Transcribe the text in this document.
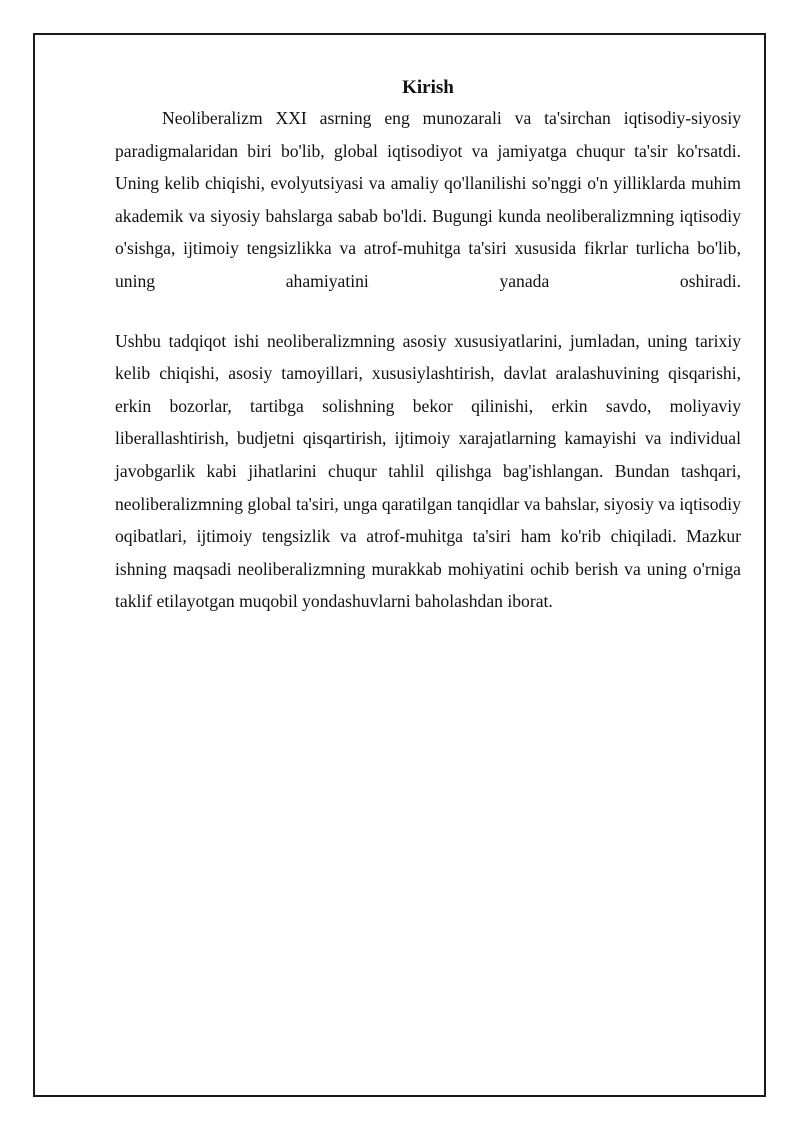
Kirish

Neoliberalizm XXI asrning eng munozarali va ta'sirchan iqtisodiy-siyosiy paradigmalaridan biri bo'lib, global iqtisodiyot va jamiyatga chuqur ta'sir ko'rsatdi. Uning kelib chiqishi, evolyutsiyasi va amaliy qo'llanilishi so'nggi o'n yilliklarda muhim akademik va siyosiy bahslarga sabab bo'ldi. Bugungi kunda neoliberalizmning iqtisodiy o'sishga, ijtimoiy tengsizlikka va atrof-muhitga ta'siri xususida fikrlar turlicha bo'lib, uning ahamiyatini yanada oshiradi.

Ushbu tadqiqot ishi neoliberalizmning asosiy xususiyatlarini, jumladan, uning tarixiy kelib chiqishi, asosiy tamoyillari, xususiylashtirish, davlat aralashuvining qisqarishi, erkin bozorlar, tartibga solishning bekor qilinishi, erkin savdo, moliyaviy liberallashtirish, budjetni qisqartirish, ijtimoiy xarajatlarning kamayishi va individual javobgarlik kabi jihatlarini chuqur tahlil qilishga bag'ishlangan. Bundan tashqari, neoliberalizmning global ta'siri, unga qaratilgan tanqidlar va bahslar, siyosiy va iqtisodiy oqibatlari, ijtimoiy tengsizlik va atrof-muhitga ta'siri ham ko'rib chiqiladi. Mazkur ishning maqsadi neoliberalizmning murakkab mohiyatini ochib berish va uning o'rniga taklif etilayotgan muqobil yondashuvlarni baholashdan iborat.
